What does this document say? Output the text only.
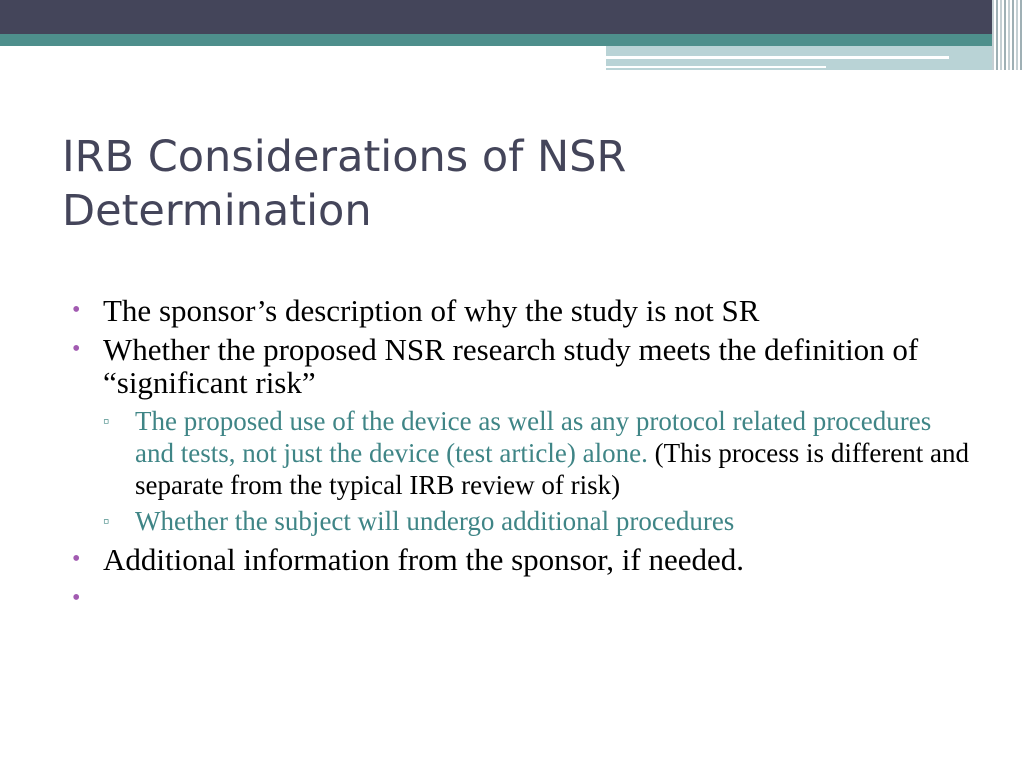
IRB Considerations of NSR
Determination
• The sponsor’s description of why the study is not SR
• Whether the proposed NSR research study meets the definition of “significant risk”
▫ The proposed use of the device as well as any protocol related procedures and tests, not just the device (test article) alone. (This process is different and separate from the typical IRB review of risk)
▫ Whether the subject will undergo additional procedures
• Additional information from the sponsor, if needed.
•
